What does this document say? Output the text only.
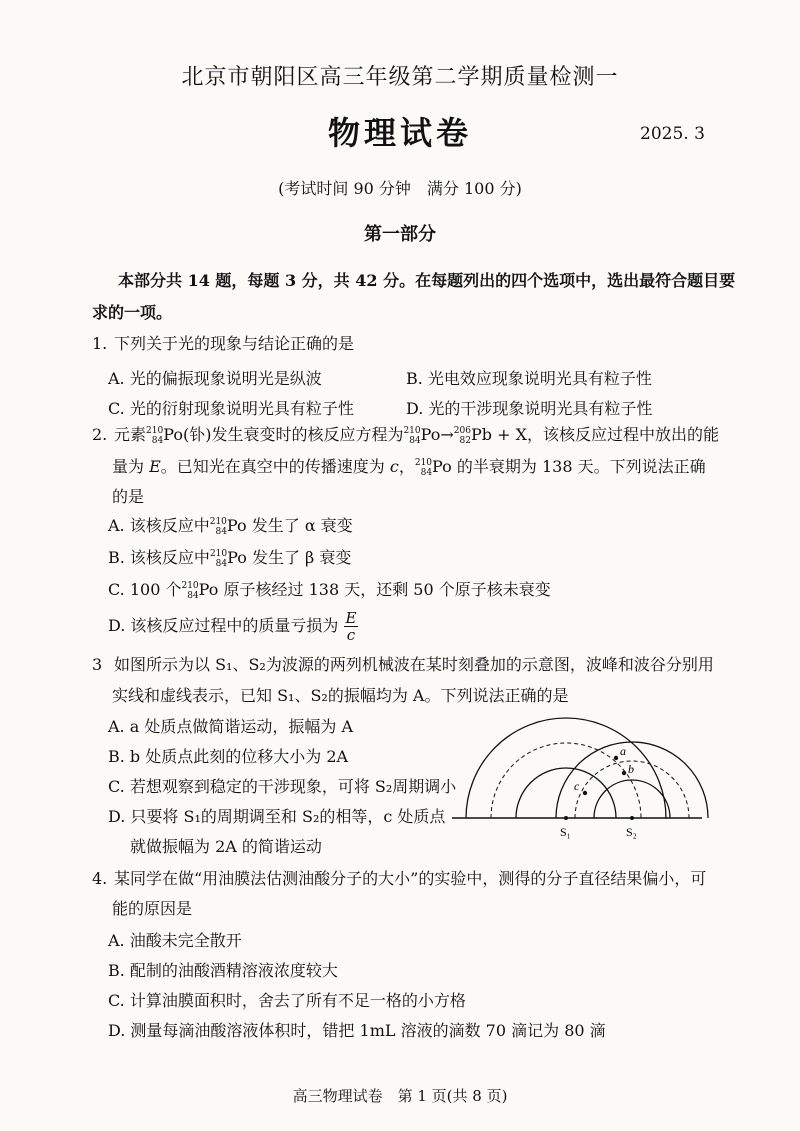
北京市朝阳区高三年级第二学期质量检测一
物理试卷	2025. 3
(考试时间 90 分钟　满分 100 分)
第一部分
本部分共 14 题，每题 3 分，共 42 分。在每题列出的四个选项中，选出最符合题目要
求的一项。
1. 下列关于光的现象与结论正确的是
A. 光的偏振现象说明光是纵波	B. 光电效应现象说明光具有粒子性
C. 光的衍射现象说明光具有粒子性	D. 光的干涉现象说明光具有粒子性
2. 元素 210
84 Po(钋)发生衰变时的核反应方程为 210
84 Po→ 206
82 Pb + X，该核反应过程中放出的能
量为 E。已知光在真空中的传播速度为 c， 210
84 Po 的半衰期为 138 天。下列说法正确
的是
A. 该核反应中 210
84 Po 发生了 α 衰变
B. 该核反应中 210
84 Po 发生了 β 衰变
C. 100 个 210
84 Po 原子核经过 138 天，还剩 50 个原子核未衰变
D. 该核反应过程中的质量亏损为 $\frac{E}{c}$
3 如图所示为以 S₁、S₂为波源的两列机械波在某时刻叠加的示意图，波峰和波谷分别用
实线和虚线表示，已知 S₁、S₂的振幅均为 A。下列说法正确的是
A. a 处质点做简谐运动，振幅为 A
B. b 处质点此刻的位移大小为 2A
C. 若想观察到稳定的干涉现象，可将 S₂周期调小
D. 只要将 S₁的周期调至和 S₂的相等，c 处质点
就做振幅为 2A 的简谐运动
a
b
c
S₁	S₂
4. 某同学在做“用油膜法估测油酸分子的大小”的实验中，测得的分子直径结果偏小，可
能的原因是
A. 油酸未完全散开
B. 配制的油酸酒精溶液浓度较大
C. 计算油膜面积时，舍去了所有不足一格的小方格
D. 测量每滴油酸溶液体积时，错把 1mL 溶液的滴数 70 滴记为 80 滴
高三物理试卷　第 1 页(共 8 页)
